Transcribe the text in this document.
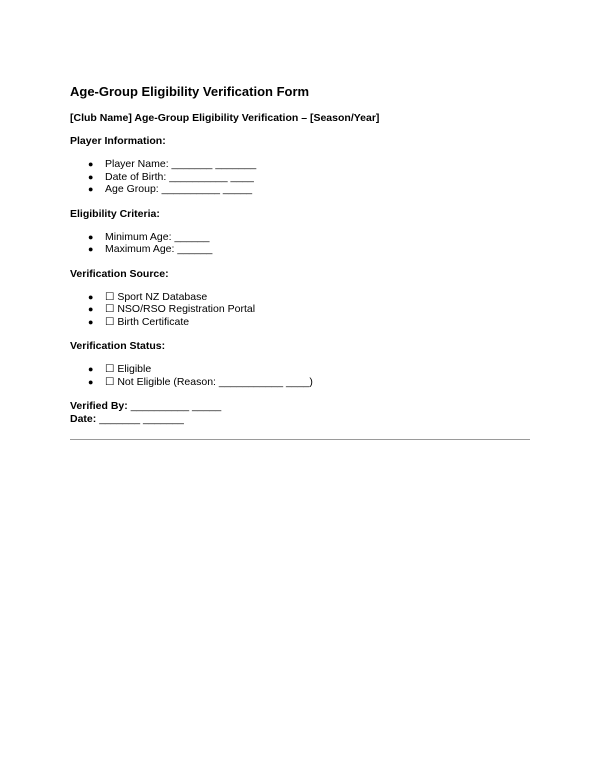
Age-Group Eligibility Verification Form
[Club Name] Age-Group Eligibility Verification – [Season/Year]
Player Information:
● Player Name: _______ _______
● Date of Birth: __________ ____
● Age Group: __________ _____
Eligibility Criteria:
● Minimum Age: ______
● Maximum Age: ______
Verification Source:
● ☐ Sport NZ Database
● ☐ NSO/RSO Registration Portal
● ☐ Birth Certificate
Verification Status:
● ☐ Eligible
● ☐ Not Eligible (Reason: ___________ ____)
Verified By: __________ _____
Date: _______ _______
